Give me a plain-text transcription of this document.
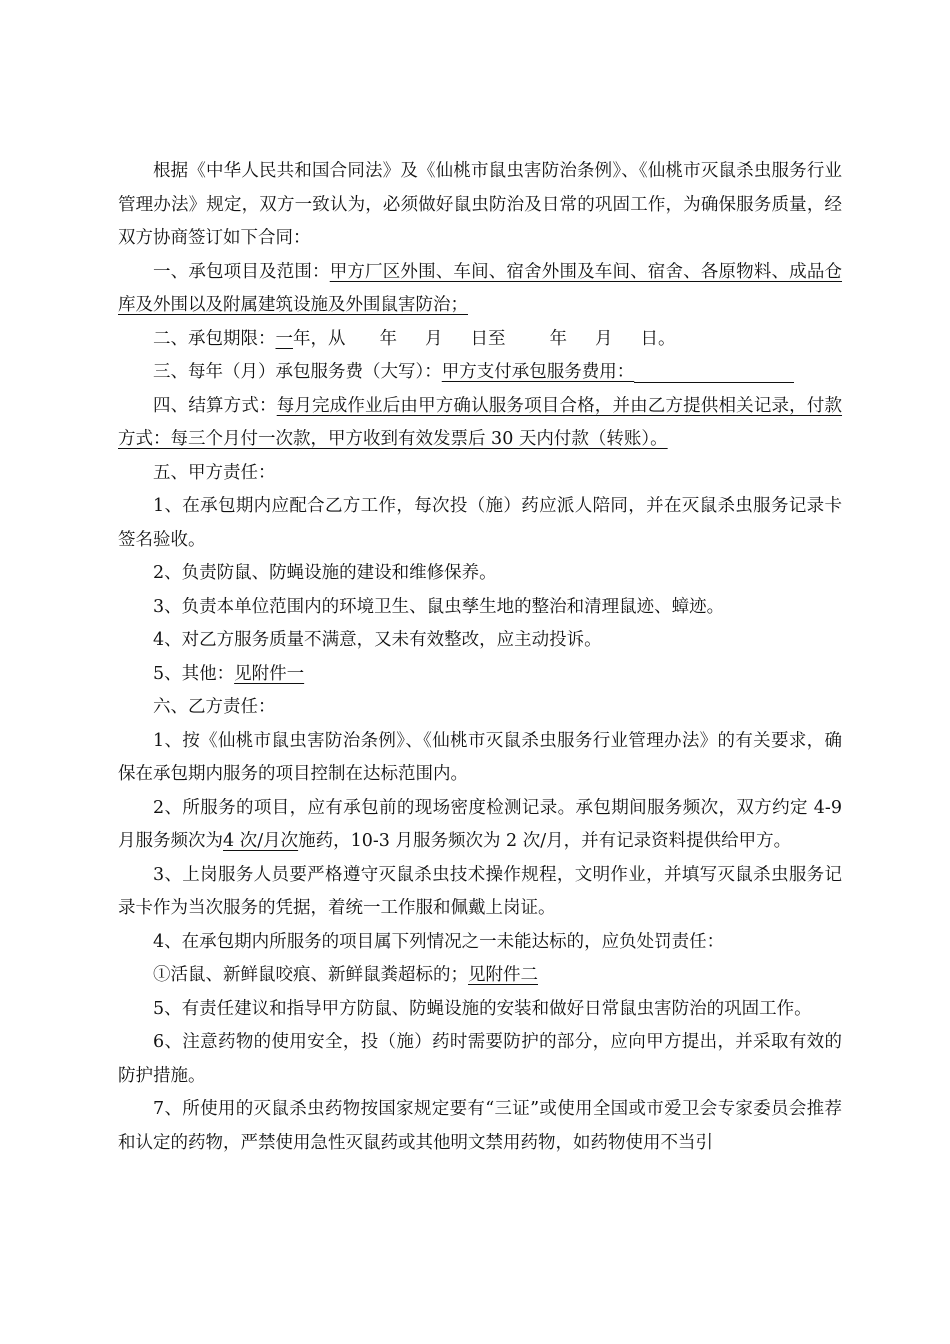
根据《中华人民共和国合同法》及《仙桃市鼠虫害防治条例》、《仙桃市灭鼠杀虫服务行业管理办法》规定，双方一致认为，必须做好鼠虫防治及日常的巩固工作，为确保服务质量，经双方协商签订如下合同：

一、承包项目及范围：甲方厂区外围、车间、宿舍外围及车间、宿舍、各原物料、成品仓库及外围以及附属建筑设施及外围鼠害防治；

二、承包期限：一年，从 年 月 日至	年 月 日。

三、每年（月）承包服务费（大写）：甲方支付承包服务费用：

四、结算方式：每月完成作业后由甲方确认服务项目合格，并由乙方提供相关记录，付款方式：每三个月付一次款，甲方收到有效发票后 30 天内付款（转账）。

五、甲方责任：

1、在承包期内应配合乙方工作，每次投（施）药应派人陪同，并在灭鼠杀虫服务记录卡签名验收。

2、负责防鼠、防蝇设施的建设和维修保养。

3、负责本单位范围内的环境卫生、鼠虫孳生地的整治和清理鼠迹、蟑迹。

4、对乙方服务质量不满意，又未有效整改，应主动投诉。

5、其他：见附件一

六、乙方责任：

1、按《仙桃市鼠虫害防治条例》、《仙桃市灭鼠杀虫服务行业管理办法》的有关要求，确保在承包期内服务的项目控制在达标范围内。

2、所服务的项目，应有承包前的现场密度检测记录。承包期间服务频次，双方约定 4-9 月服务频次为4 次/月次施药，10-3 月服务频次为 2 次/月，并有记录资料提供给甲方。

3、上岗服务人员要严格遵守灭鼠杀虫技术操作规程，文明作业，并填写灭鼠杀虫服务记录卡作为当次服务的凭据，着统一工作服和佩戴上岗证。

4、在承包期内所服务的项目属下列情况之一未能达标的，应负处罚责任：

①活鼠、新鲜鼠咬痕、新鲜鼠粪超标的；见附件二

5、有责任建议和指导甲方防鼠、防蝇设施的安装和做好日常鼠虫害防治的巩固工作。

6、注意药物的使用安全，投（施）药时需要防护的部分，应向甲方提出，并采取有效的防护措施。

7、所使用的灭鼠杀虫药物按国家规定要有“三证”或使用全国或市爱卫会专家委员会推荐和认定的药物，严禁使用急性灭鼠药或其他明文禁用药物，如药物使用不当引
